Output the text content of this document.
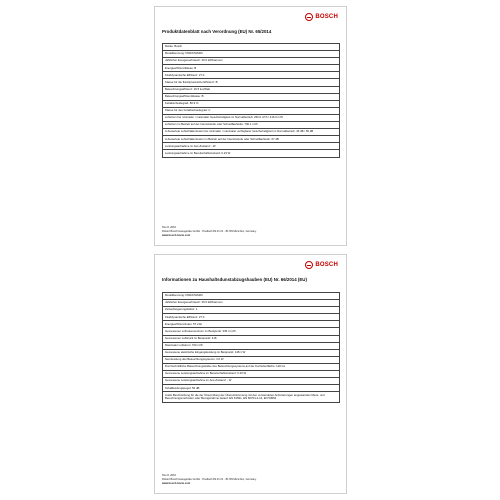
BOSCH
Produktdatenblatt nach Verordnung (EU) Nr. 65/2014
Marke: Bosch
Modellkennung: DWK97HM60
Jährlicher Energieverbrauch: 36.6 kWh/annum
Energieeffizienzklasse: B
Fluiddynamische Effizienz: 27.0
Klasse für die fluiddynamische Effizienz: B
Beleuchtungseffizienz: 26.5 lux/Watt
Beleuchtungseffizienzklasse: B
Fettabscheidegrad: 80.9 %
Klasse für den Fettabscheidegrad: C
Luftstrom bei minimaler / maximaler Geschwindigkeit im Normalbetrieb: 260.0 m³/h / 416.0 m³/h
Luftstrom im Betrieb auf der Intensivstufe oder Schnelllaufstufe: 700.1 m³/h
A-bewertete Luftschallemission bei minimaler / maximaler verfügbarer Geschwindigkeit im Normalbetrieb: 46 dB / 56 dB
A-bewertete Luftschallemission im Betrieb auf der Intensivstufe oder Schnelllaufstufe: 67 dB
Leistungsaufnahme im Aus-Zustand: - W
Leistungsaufnahme im Bereitschaftszustand: 0.23 W
Nov 8, 2016
Robert Bosch Hausgeräte GmbH · Postfach 83 01 01 · 81739 München, Germany
www.bosch-home.com
BOSCH
Informationen zu Haushaltsdunstabzugshauben (EU) Nr. 66/2014 (EU)
Modellkennung: DWK97HM60
Jährlicher Energieverbrauch: 36.6 kWh/annum
Zeitverlängerungsfaktor: 1
Fluiddynamische Effizienz: 27.0
Energieeffizienzindex: 57.2 EI
Gemessener Luftvolumenstrom im Bestpunkt: 335.4 m³/h
Gemessener Luftdruck im Bestpunkt: 418
Maximaler Luftstrom: 700 m³/h
Gemessene elektrische Eingangsleistung im Bestpunkt: 148.1 W
Nennleistung des Beleuchtungssystems: 3.0 W
Durchschnittliche Beleuchtungsstärke des Beleuchtungssystems auf der Kochoberfläche: 120 lux
Gemessene Leistungsaufnahme im Bereitschaftszustand: 0.23 W
Gemessene Leistungsaufnahme im Aus-Zustand: - W
Schallleistungspegel: 56 dB
Audio Beschreibung für die der Überprüfung der Übereinstimmung mit den verwendeten Anforderungen angewandten Mess- und Berechnungsmethoden oder Bezugsnahme darauf: EN 61591, EN 60704-2-13, EN 50564
Nov 8, 2016
Robert Bosch Hausgeräte GmbH · Postfach 83 01 01 · 81739 München, Germany
www.bosch-home.com
